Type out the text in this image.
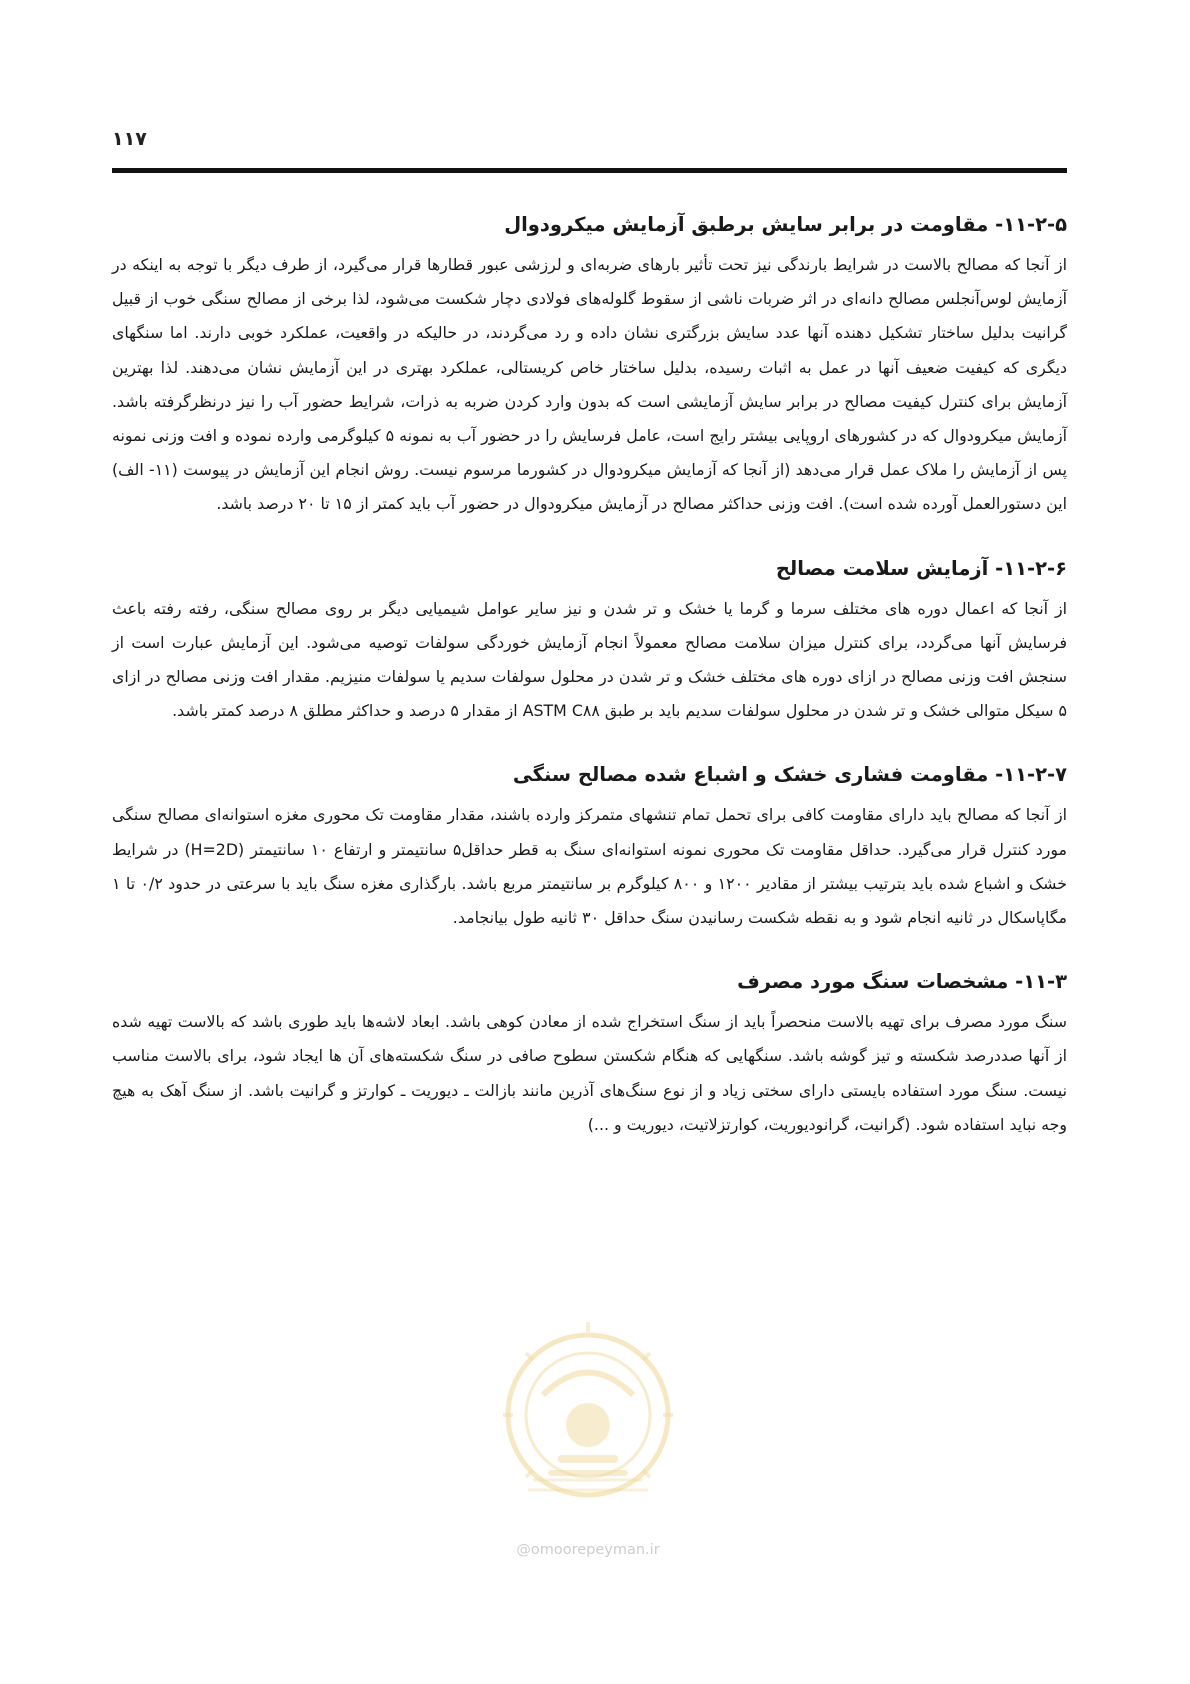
۱۱۷
۱۱-۲-۵- مقاومت در برابر سایش برطبق آزمایش میکرودوال

از آنجا که مصالح بالاست در شرایط بارندگی نیز تحت تأثیر بارهای ضربه‌ای و لرزشی عبور قطارها قرار می‌گیرد، از طرف دیگر با توجه به اینکه در آزمایش لوس‌آنجلس مصالح دانه‌ای در اثر ضربات ناشی از سقوط گلوله‌های فولادی دچار شکست می‌شود، لذا برخی از مصالح سنگی خوب از قبیل گرانیت بدلیل ساختار تشکیل دهنده آنها عدد سایش بزرگتری نشان داده و رد می‌گردند، در حالیکه در واقعیت، عملکرد خوبی دارند. اما سنگهای دیگری که کیفیت ضعیف آنها در عمل به اثبات رسیده، بدلیل ساختار خاص کریستالی، عملکرد بهتری در این آزمایش نشان می‌دهند. لذا بهترین آزمایش برای کنترل کیفیت مصالح در برابر سایش آزمایشی است که بدون وارد کردن ضربه به ذرات، شرایط حضور آب را نیز درنظرگرفته باشد. آزمایش میکرودوال که در کشورهای اروپایی بیشتر رایج است، عامل فرسایش را در حضور آب به نمونه ۵ کیلوگرمی وارده نموده و افت وزنی نمونه پس از آزمایش را ملاک عمل قرار می‌دهد (از آنجا که آزمایش میکرودوال در کشورما مرسوم نیست. روش انجام این آزمایش در پیوست (۱۱- الف) این دستورالعمل آورده شده است). افت وزنی حداکثر مصالح در آزمایش میکرودوال در حضور آب باید کمتر از ۱۵ تا ۲۰ درصد باشد.

۱۱-۲-۶- آزمایش سلامت مصالح

از آنجا که اعمال دوره های مختلف سرما و گرما یا خشک و تر شدن و نیز سایر عوامل شیمیایی دیگر بر روی مصالح سنگی، رفته رفته باعث فرسایش آنها می‌گردد، برای کنترل میزان سلامت مصالح معمولاً انجام آزمایش خوردگی سولفات توصیه می‌شود. این آزمایش عبارت است از سنجش افت وزنی مصالح در ازای دوره های مختلف خشک و تر شدن در محلول سولفات سدیم یا سولفات منیزیم. مقدار افت وزنی مصالح در ازای ۵ سیکل متوالی خشک و تر شدن در محلول سولفات سدیم باید بر طبق ASTM C۸۸ از مقدار ۵ درصد و حداکثر مطلق ۸ درصد کمتر باشد.

۱۱-۲-۷- مقاومت فشاری خشک و اشباع شده مصالح سنگی

از آنجا که مصالح باید دارای مقاومت کافی برای تحمل تمام تنشهای متمرکز وارده باشند، مقدار مقاومت تک محوری مغزه استوانه‌ای مصالح سنگی مورد کنترل قرار می‌گیرد. حداقل مقاومت تک محوری نمونه استوانه‌ای سنگ به قطر حداقل۵ سانتیمتر و ارتفاع ۱۰ سانتیمتر (H=2D) در شرایط خشک و اشباع شده باید بترتیب بیشتر از مقادیر ۱۲۰۰ و ۸۰۰ کیلوگرم بر سانتیمتر مربع باشد. بارگذاری مغزه سنگ باید با سرعتی در حدود ۰/۲ تا ۱ مگاپاسکال در ثانیه انجام شود و به نقطه شکست رسانیدن سنگ حداقل ۳۰ ثانیه طول بیانجامد.

۱۱-۳- مشخصات سنگ مورد مصرف

سنگ مورد مصرف برای تهیه بالاست منحصراً باید از سنگ استخراج شده از معادن کوهی باشد. ابعاد لاشه‌ها باید طوری باشد که بالاست تهیه شده از آنها صددرصد شکسته و تیز گوشه باشد. سنگهایی که هنگام شکستن سطوح صافی در سنگ شکسته‌های آن ها ایجاد شود، برای بالاست مناسب نیست. سنگ مورد استفاده بایستی دارای سختی زیاد و از نوع سنگ‌های آذرین مانند بازالت ـ دیوریت ـ کوارتز و گرانیت باشد. از سنگ آهک به هیچ وجه نباید استفاده شود. (گرانیت، گرانودیوریت، کوارتزلاتیت، دیوریت و ...)

@omoorepeyman.ir
